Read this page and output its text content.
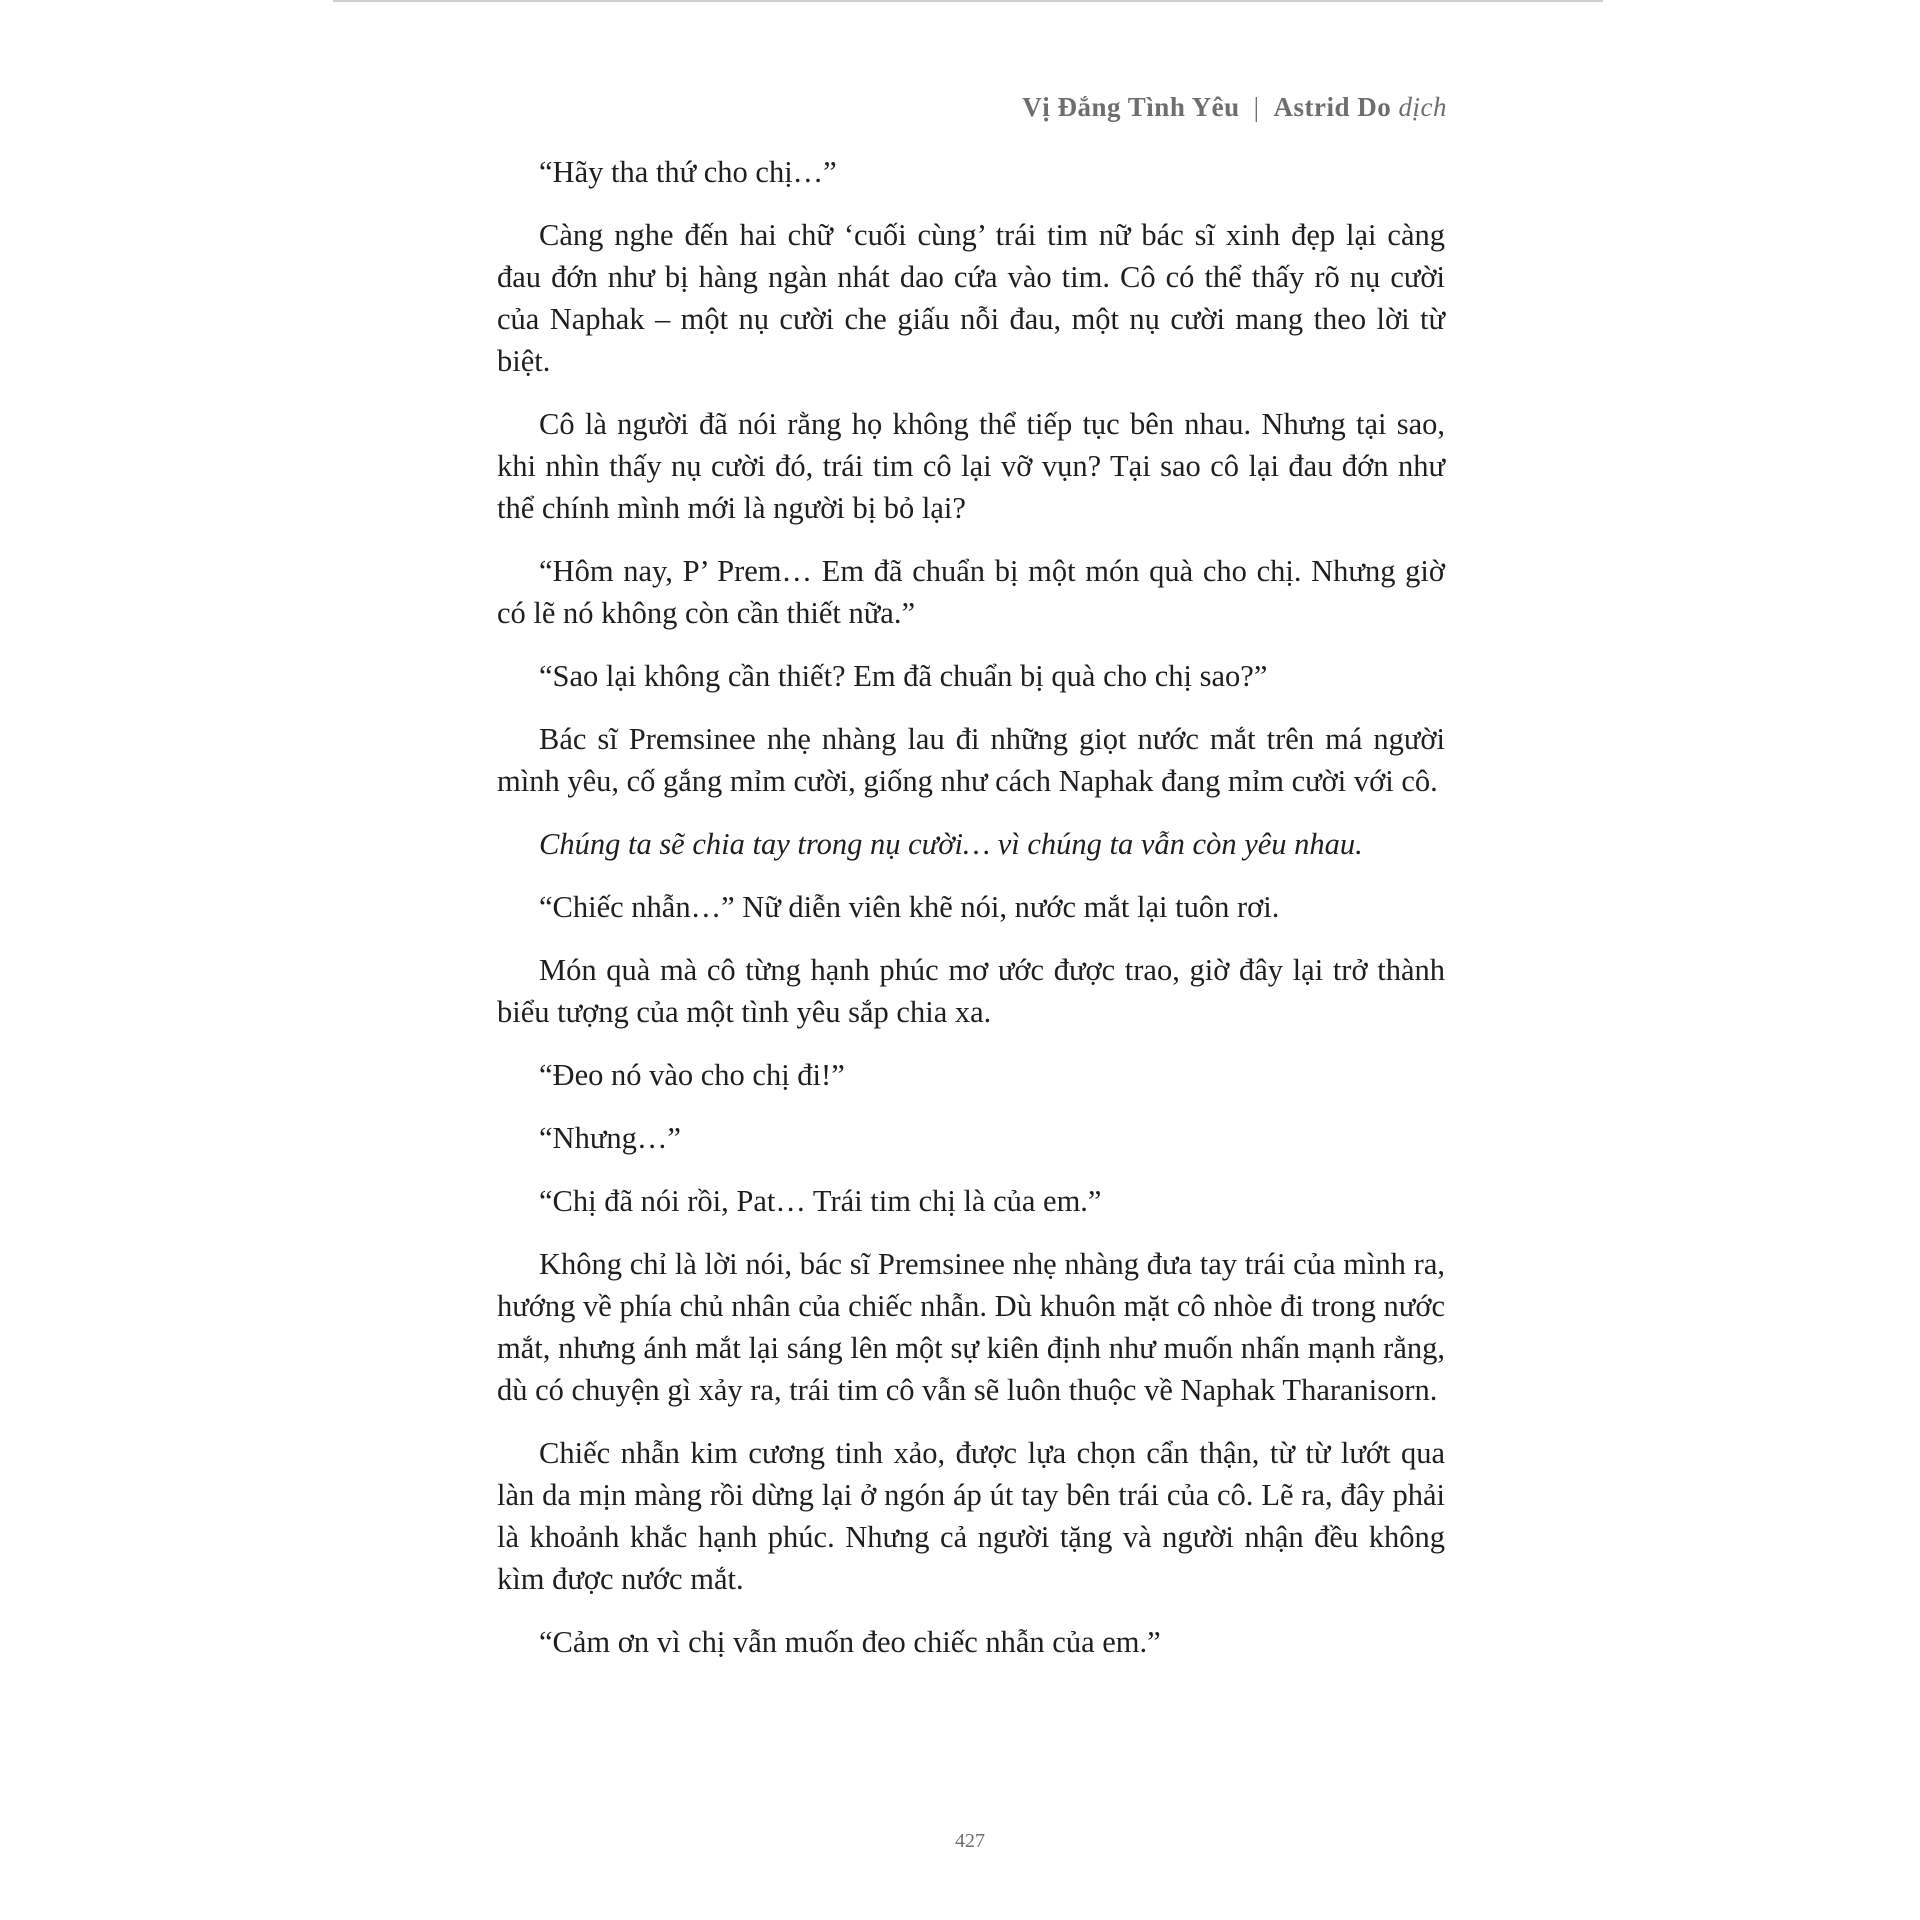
Vị Đắng Tình Yêu | Astrid Do dịch

“Hãy tha thứ cho chị…”

Càng nghe đến hai chữ ‘cuối cùng’ trái tim nữ bác sĩ xinh đẹp lại càng đau đớn như bị hàng ngàn nhát dao cứa vào tim. Cô có thể thấy rõ nụ cười của Naphak – một nụ cười che giấu nỗi đau, một nụ cười mang theo lời từ biệt.

Cô là người đã nói rằng họ không thể tiếp tục bên nhau. Nhưng tại sao, khi nhìn thấy nụ cười đó, trái tim cô lại vỡ vụn? Tại sao cô lại đau đớn như thể chính mình mới là người bị bỏ lại?

“Hôm nay, P’ Prem… Em đã chuẩn bị một món quà cho chị. Nhưng giờ có lẽ nó không còn cần thiết nữa.”

“Sao lại không cần thiết? Em đã chuẩn bị quà cho chị sao?”

Bác sĩ Premsinee nhẹ nhàng lau đi những giọt nước mắt trên má người mình yêu, cố gắng mỉm cười, giống như cách Naphak đang mỉm cười với cô.

Chúng ta sẽ chia tay trong nụ cười… vì chúng ta vẫn còn yêu nhau.

“Chiếc nhẫn…” Nữ diễn viên khẽ nói, nước mắt lại tuôn rơi.

Món quà mà cô từng hạnh phúc mơ ước được trao, giờ đây lại trở thành biểu tượng của một tình yêu sắp chia xa.

“Đeo nó vào cho chị đi!”

“Nhưng…”

“Chị đã nói rồi, Pat… Trái tim chị là của em.”

Không chỉ là lời nói, bác sĩ Premsinee nhẹ nhàng đưa tay trái của mình ra, hướng về phía chủ nhân của chiếc nhẫn. Dù khuôn mặt cô nhòe đi trong nước mắt, nhưng ánh mắt lại sáng lên một sự kiên định như muốn nhấn mạnh rằng, dù có chuyện gì xảy ra, trái tim cô vẫn sẽ luôn thuộc về Naphak Tharanisorn.

Chiếc nhẫn kim cương tinh xảo, được lựa chọn cẩn thận, từ từ lướt qua làn da mịn màng rồi dừng lại ở ngón áp út tay bên trái của cô. Lẽ ra, đây phải là khoảnh khắc hạnh phúc. Nhưng cả người tặng và người nhận đều không kìm được nước mắt.

“Cảm ơn vì chị vẫn muốn đeo chiếc nhẫn của em.”

427
